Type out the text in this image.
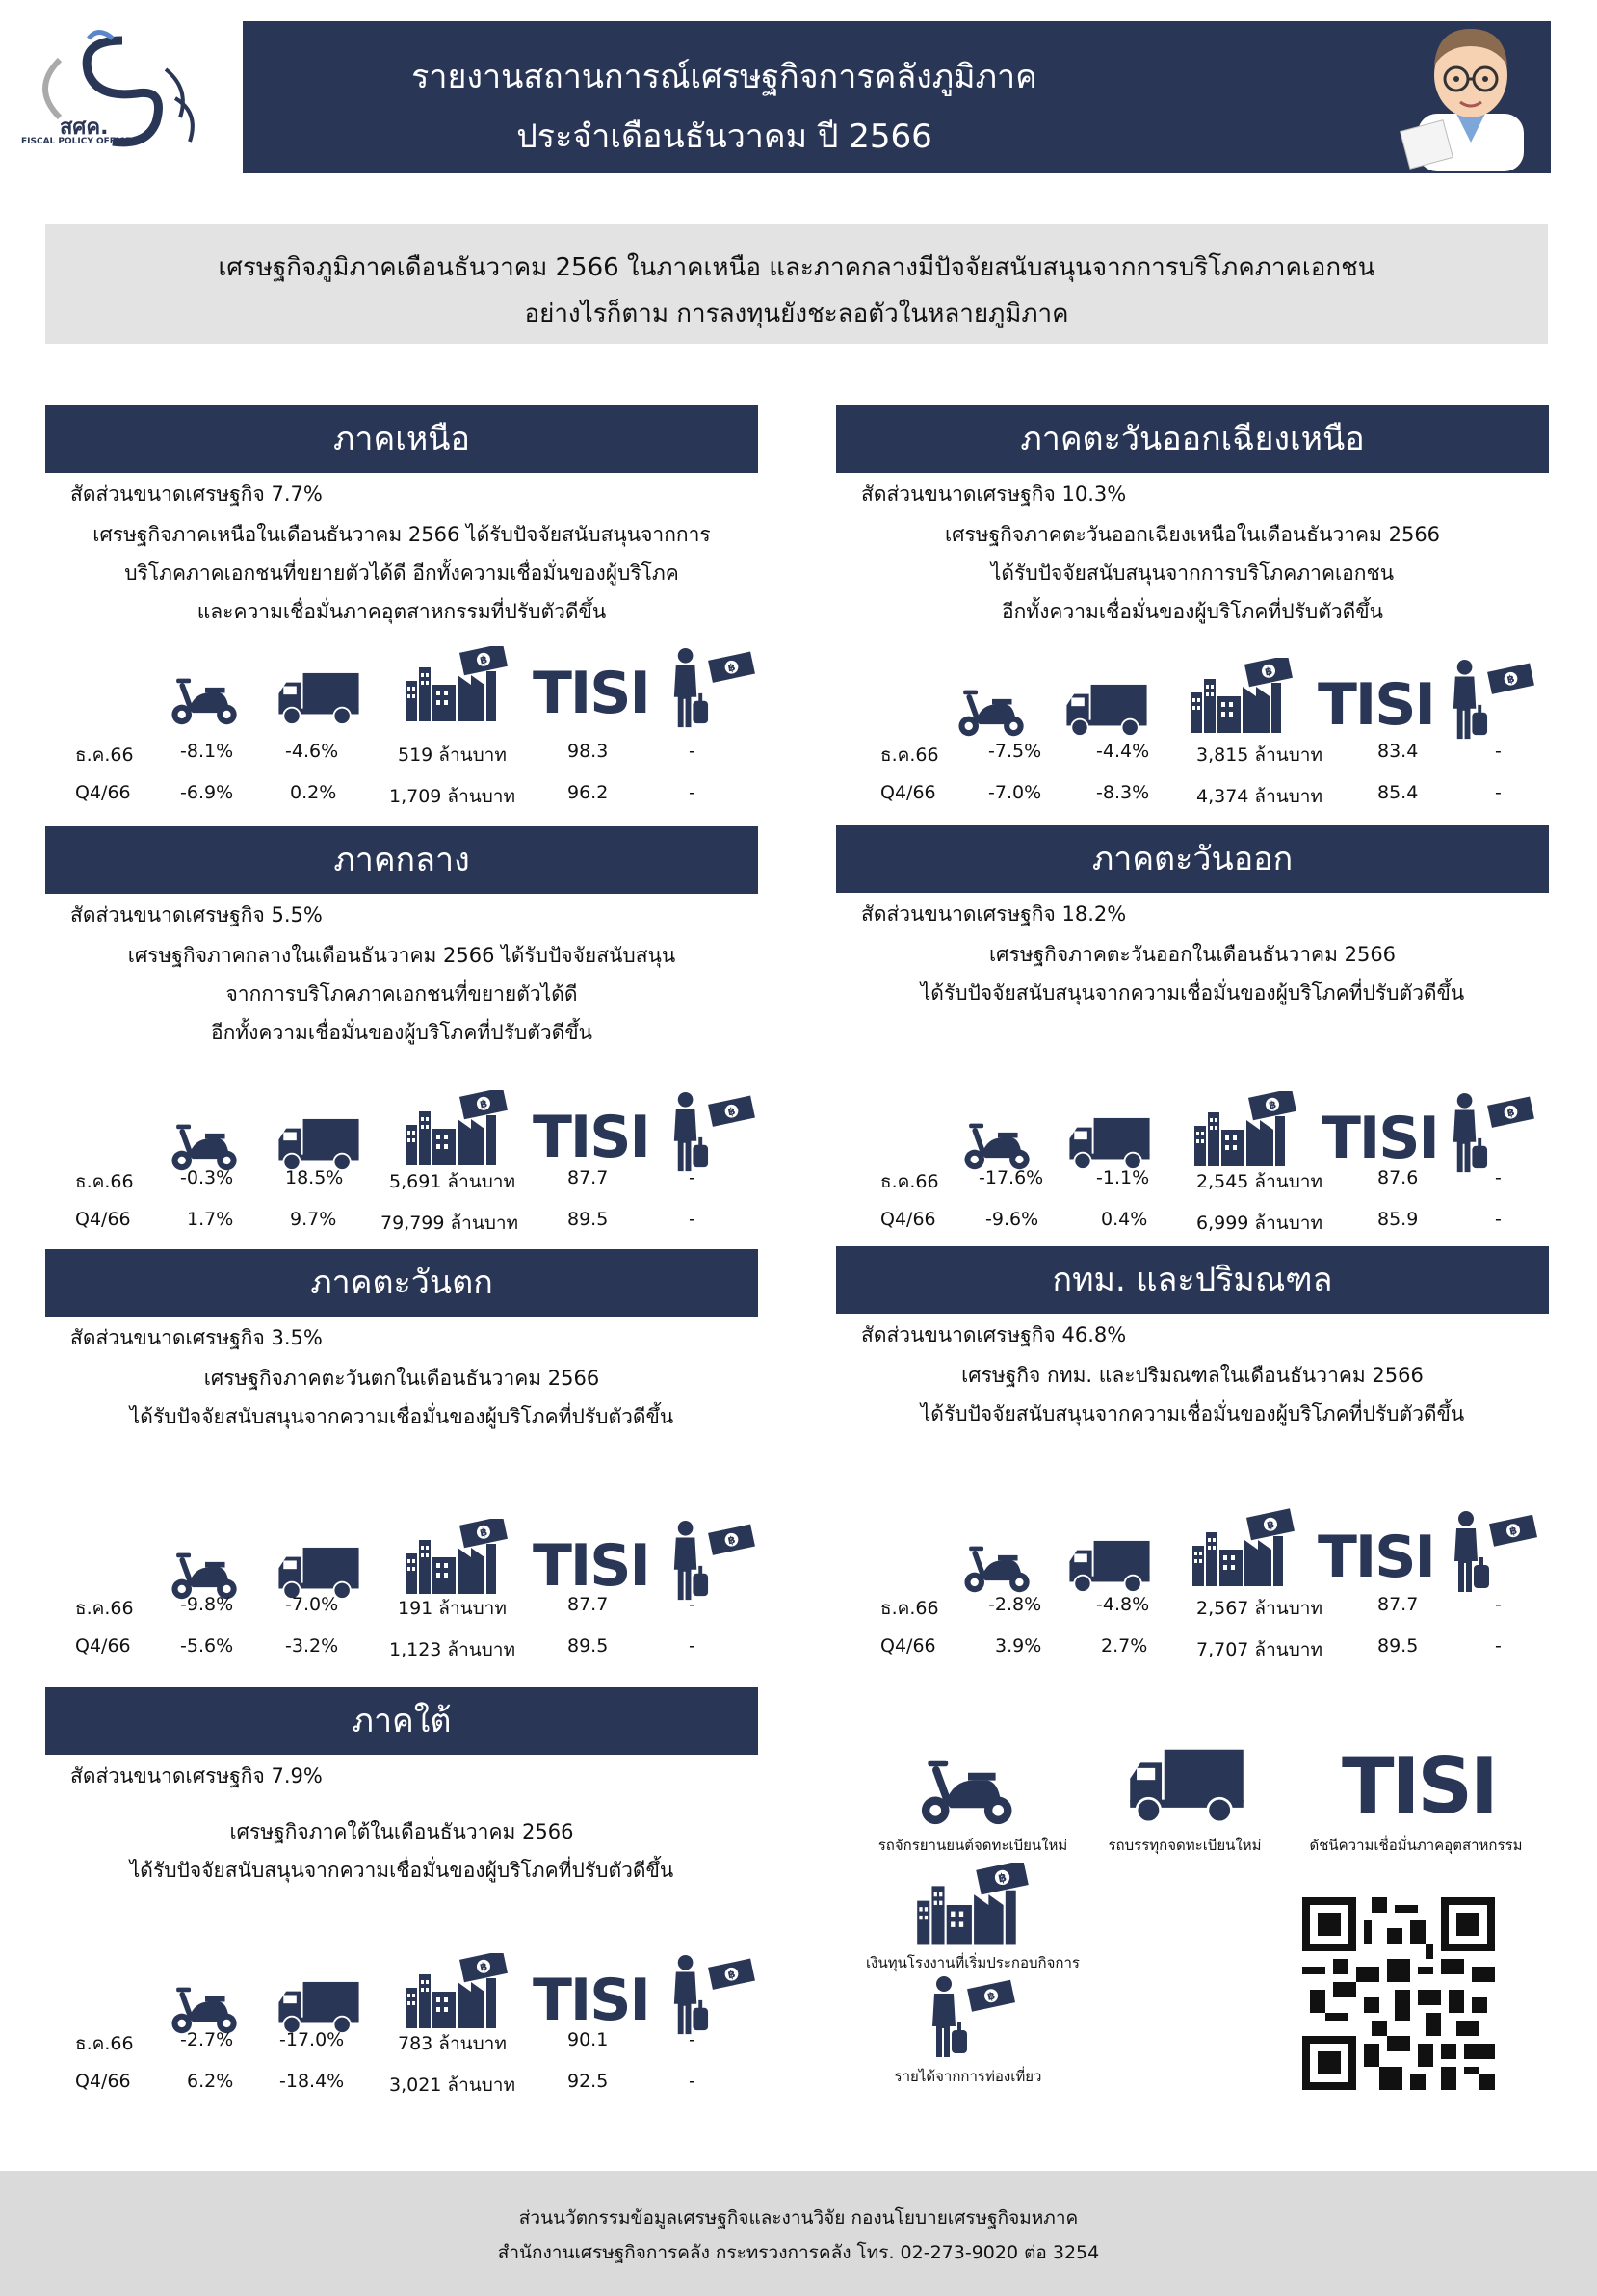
สศค.
FISCAL POLICY OFFICE
รายงานสถานการณ์เศรษฐกิจการคลังภูมิภาค
ประจำเดือนธันวาคม ปี 2566
เศรษฐกิจภูมิภาคเดือนธันวาคม 2566 ในภาคเหนือ และภาคกลางมีปัจจัยสนับสนุนจากการบริโภคภาคเอกชน
อย่างไรก็ตาม การลงทุนยังชะลอตัวในหลายภูมิภาค
ภาคเหนือ
สัดส่วนขนาดเศรษฐกิจ 7.7%
เศรษฐกิจภาคเหนือในเดือนธันวาคม 2566 ได้รับปัจจัยสนับสนุนจากการ
บริโภคภาคเอกชนที่ขยายตัวได้ดี อีกทั้งความเชื่อมั่นของผู้บริโภค
และความเชื่อมั่นภาคอุตสาหกรรมที่ปรับตัวดีขึ้น
TISI
ธ.ค.66	-8.1%	-4.6%	519 ล้านบาท	98.3	-
Q4/66	-6.9%	0.2%	1,709 ล้านบาท	96.2	-
ภาคตะวันออกเฉียงเหนือ
สัดส่วนขนาดเศรษฐกิจ 10.3%
เศรษฐกิจภาคตะวันออกเฉียงเหนือในเดือนธันวาคม 2566
ได้รับปัจจัยสนับสนุนจากการบริโภคภาคเอกชน
อีกทั้งความเชื่อมั่นของผู้บริโภคที่ปรับตัวดีขึ้น
TISI
ธ.ค.66	-7.5%	-4.4%	3,815 ล้านบาท	83.4	-
Q4/66	-7.0%	-8.3%	4,374 ล้านบาท	85.4	-
ภาคกลาง
สัดส่วนขนาดเศรษฐกิจ 5.5%
เศรษฐกิจภาคกลางในเดือนธันวาคม 2566 ได้รับปัจจัยสนับสนุน
จากการบริโภคภาคเอกชนที่ขยายตัวได้ดี
อีกทั้งความเชื่อมั่นของผู้บริโภคที่ปรับตัวดีขึ้น
TISI
ธ.ค.66	-0.3%	18.5%	5,691 ล้านบาท	87.7	-
Q4/66	1.7%	9.7% 79,799 ล้านบาท	89.5	-
ภาคตะวันออก
สัดส่วนขนาดเศรษฐกิจ 18.2%
เศรษฐกิจภาคตะวันออกในเดือนธันวาคม 2566
ได้รับปัจจัยสนับสนุนจากความเชื่อมั่นของผู้บริโภคที่ปรับตัวดีขึ้น
TISI
ธ.ค.66 -17.6%	-1.1%	2,545 ล้านบาท	87.6	-
Q4/66	-9.6%	0.4%	6,999 ล้านบาท	85.9	-
ภาคตะวันตก
สัดส่วนขนาดเศรษฐกิจ 3.5%
เศรษฐกิจภาคตะวันตกในเดือนธันวาคม 2566
ได้รับปัจจัยสนับสนุนจากความเชื่อมั่นของผู้บริโภคที่ปรับตัวดีขึ้น
TISI
ธ.ค.66	-9.8%	-7.0%	191 ล้านบาท	87.7	-
Q4/66	-5.6%	-3.2%	1,123 ล้านบาท	89.5	-
กทม. และปริมณฑล
สัดส่วนขนาดเศรษฐกิจ 46.8%
เศรษฐกิจ กทม. และปริมณฑลในเดือนธันวาคม 2566
ได้รับปัจจัยสนับสนุนจากความเชื่อมั่นของผู้บริโภคที่ปรับตัวดีขึ้น
TISI
ธ.ค.66	-2.8%	-4.8%	2,567 ล้านบาท	87.7	-
Q4/66	3.9%	2.7%	7,707 ล้านบาท	89.5	-
ภาคใต้
สัดส่วนขนาดเศรษฐกิจ 7.9%
เศรษฐกิจภาคใต้ในเดือนธันวาคม 2566
ได้รับปัจจัยสนับสนุนจากความเชื่อมั่นของผู้บริโภคที่ปรับตัวดีขึ้น
TISI
ธ.ค.66	-2.7%	-17.0%	783 ล้านบาท	90.1	-
Q4/66	6.2%	-18.4% 3,021 ล้านบาท	92.5	-
รถจักรยานยนต์จดทะเบียนใหม่	รถบรรทุกจดทะเบียนใหม่
TISI
ดัชนีความเชื่อมั่นภาคอุตสาหกรรม
เงินทุนโรงงานที่เริ่มประกอบกิจการ
รายได้จากการท่องเที่ยว
ส่วนนวัตกรรมข้อมูลเศรษฐกิจและงานวิจัย กองนโยบายเศรษฐกิจมหภาค
สำนักงานเศรษฐกิจการคลัง กระทรวงการคลัง โทร. 02-273-9020 ต่อ 3254
